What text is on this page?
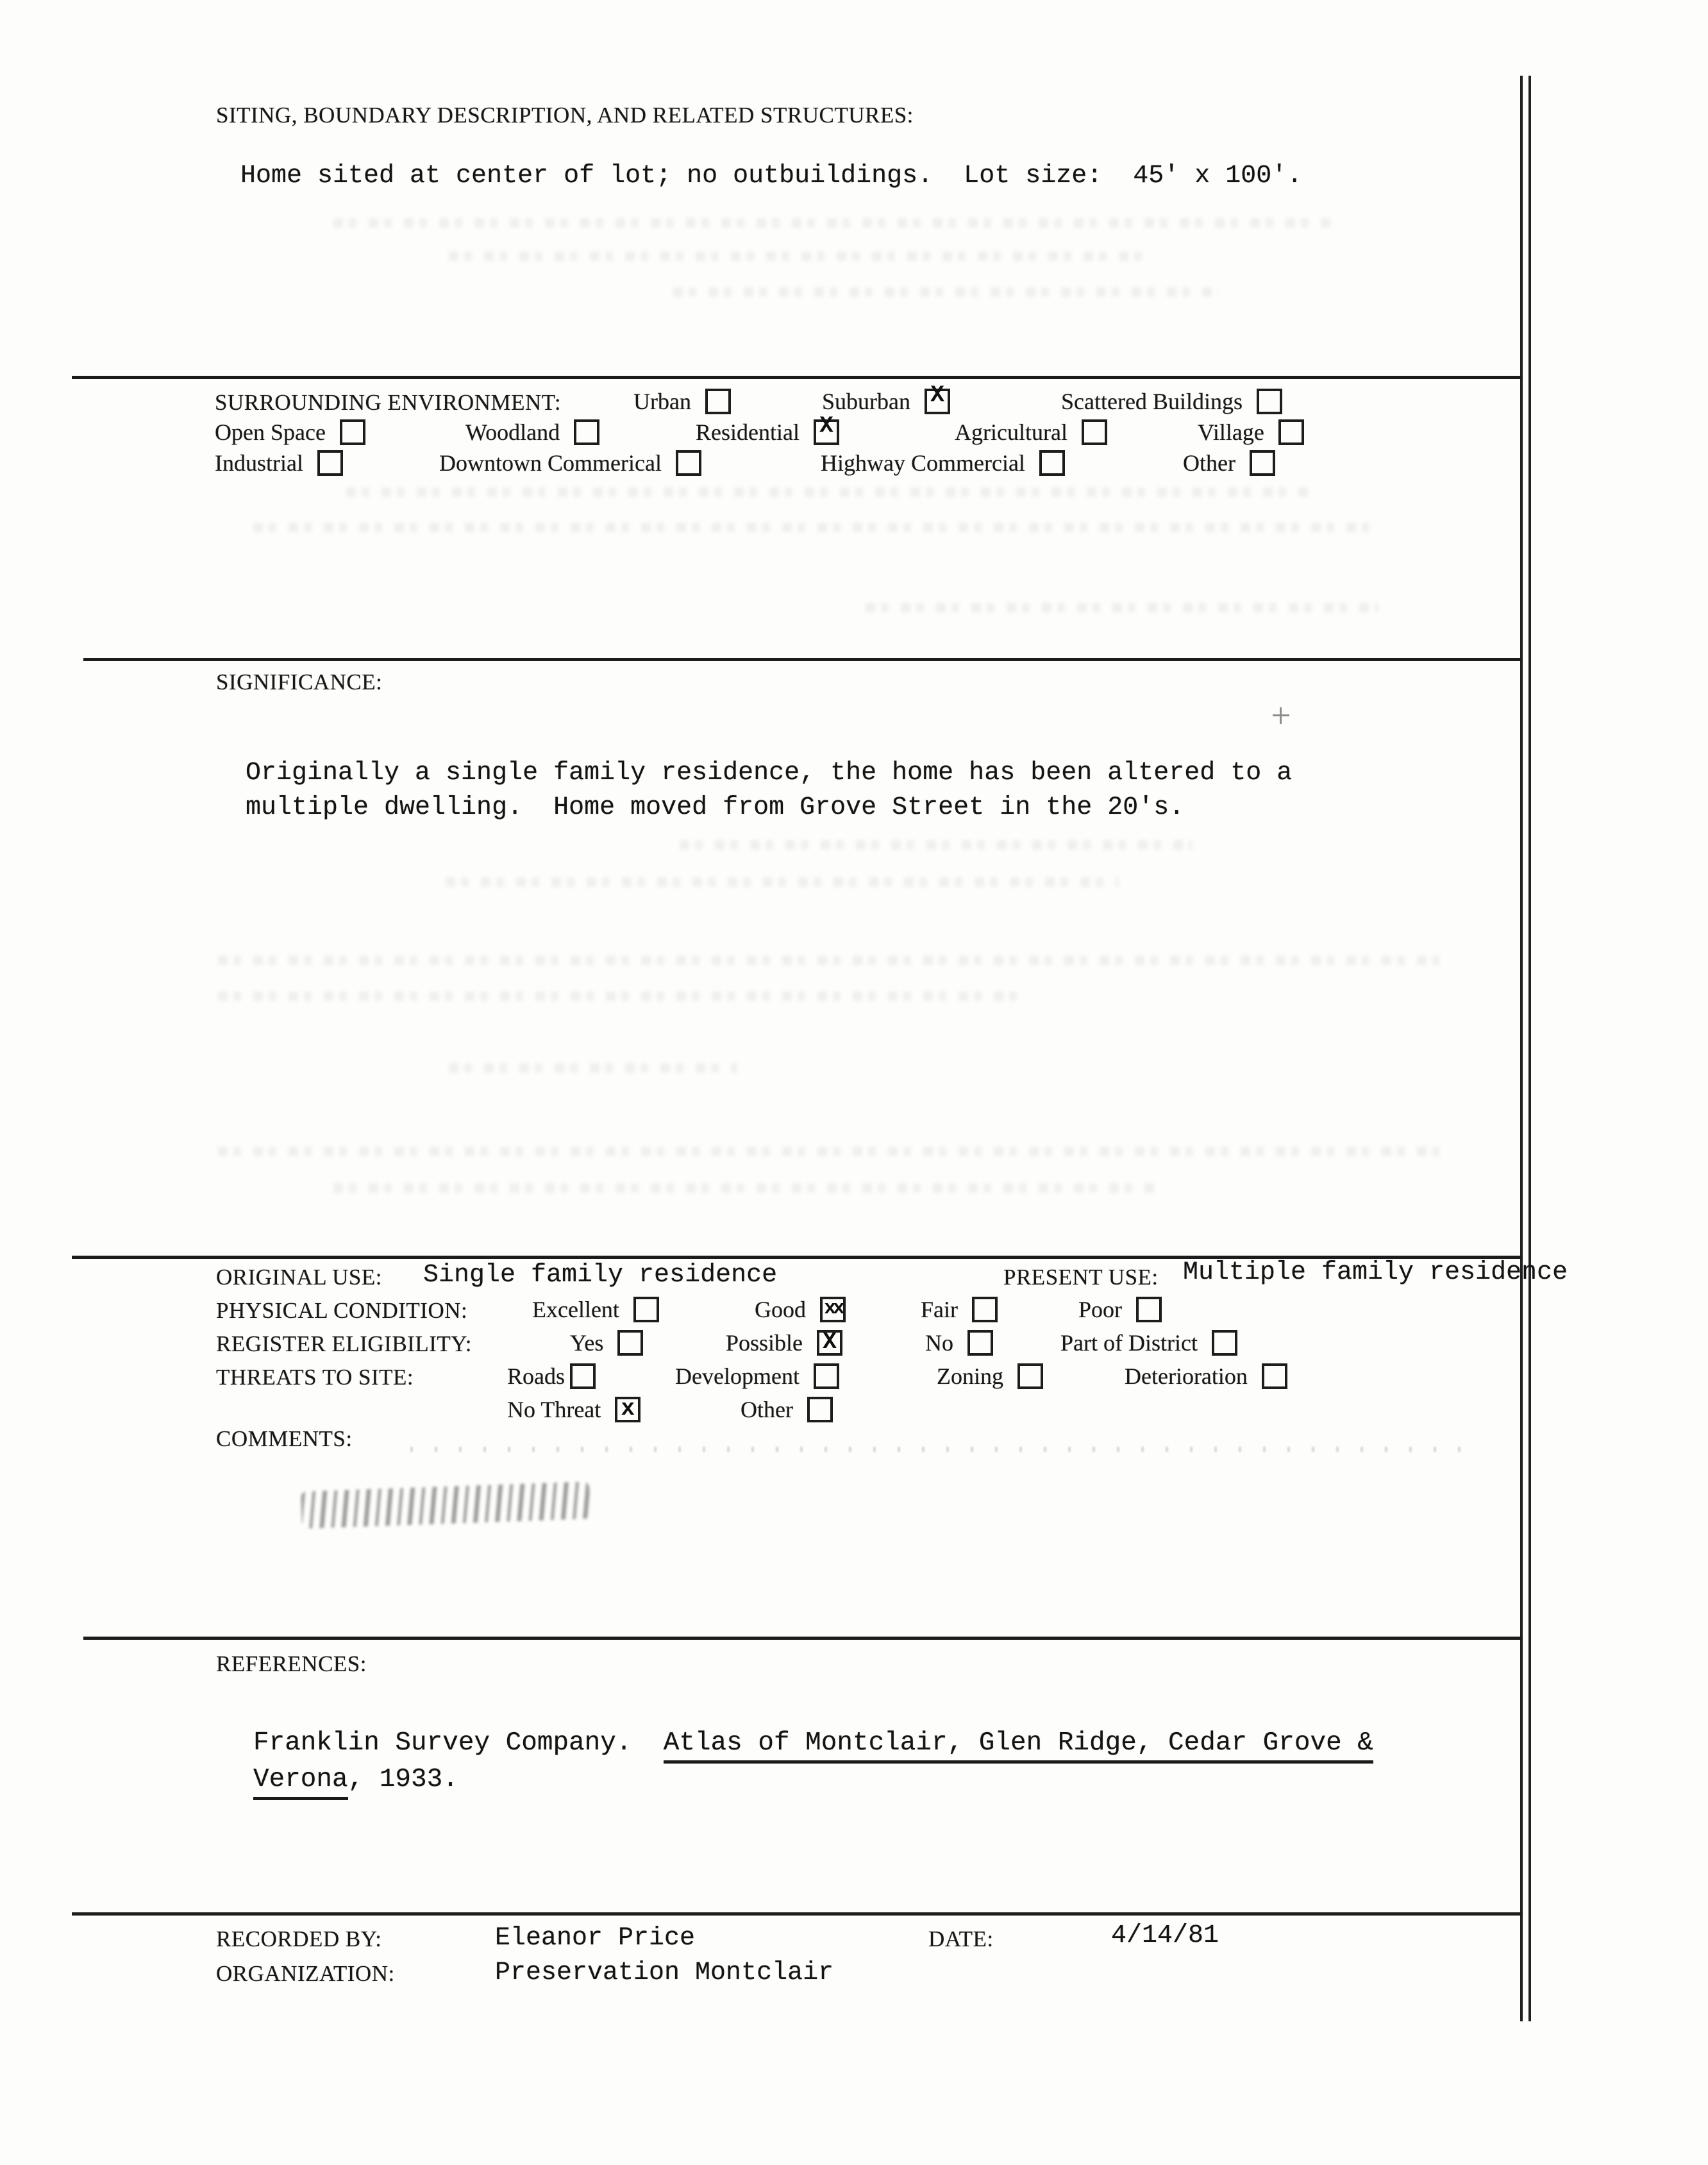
SITING, BOUNDARY DESCRIPTION, AND RELATED STRUCTURES:
Home sited at center of lot; no outbuildings.  Lot size:  45' x 100'.
SURROUNDING ENVIRONMENT:	Urban	Suburban X	Scattered Buildings
Open Space	Woodland	Residential X	Agricultural	Village
Industrial	Downtown Commerical	Highway Commercial	Other
SIGNIFICANCE:
Originally a single family residence, the home has been altered to a
multiple dwelling.  Home moved from Grove Street in the 20's.
ORIGINAL USE: Single family residence	PRESENT USE: Multiple family residence
PHYSICAL CONDITION:	Excellent	Good xx	Fair	Poor
REGISTER ELIGIBILITY:	Yes	Possible X	No	Part of District
THREATS TO SITE:	Roads	Development	Zoning	Deterioration
No Threat x	Other
COMMENTS:
REFERENCES:
Franklin Survey Company.  Atlas of Montclair, Glen Ridge, Cedar Grove &
Verona, 1933.
RECORDED BY:	Eleanor Price	DATE:	4/14/81
ORGANIZATION:	Preservation Montclair
